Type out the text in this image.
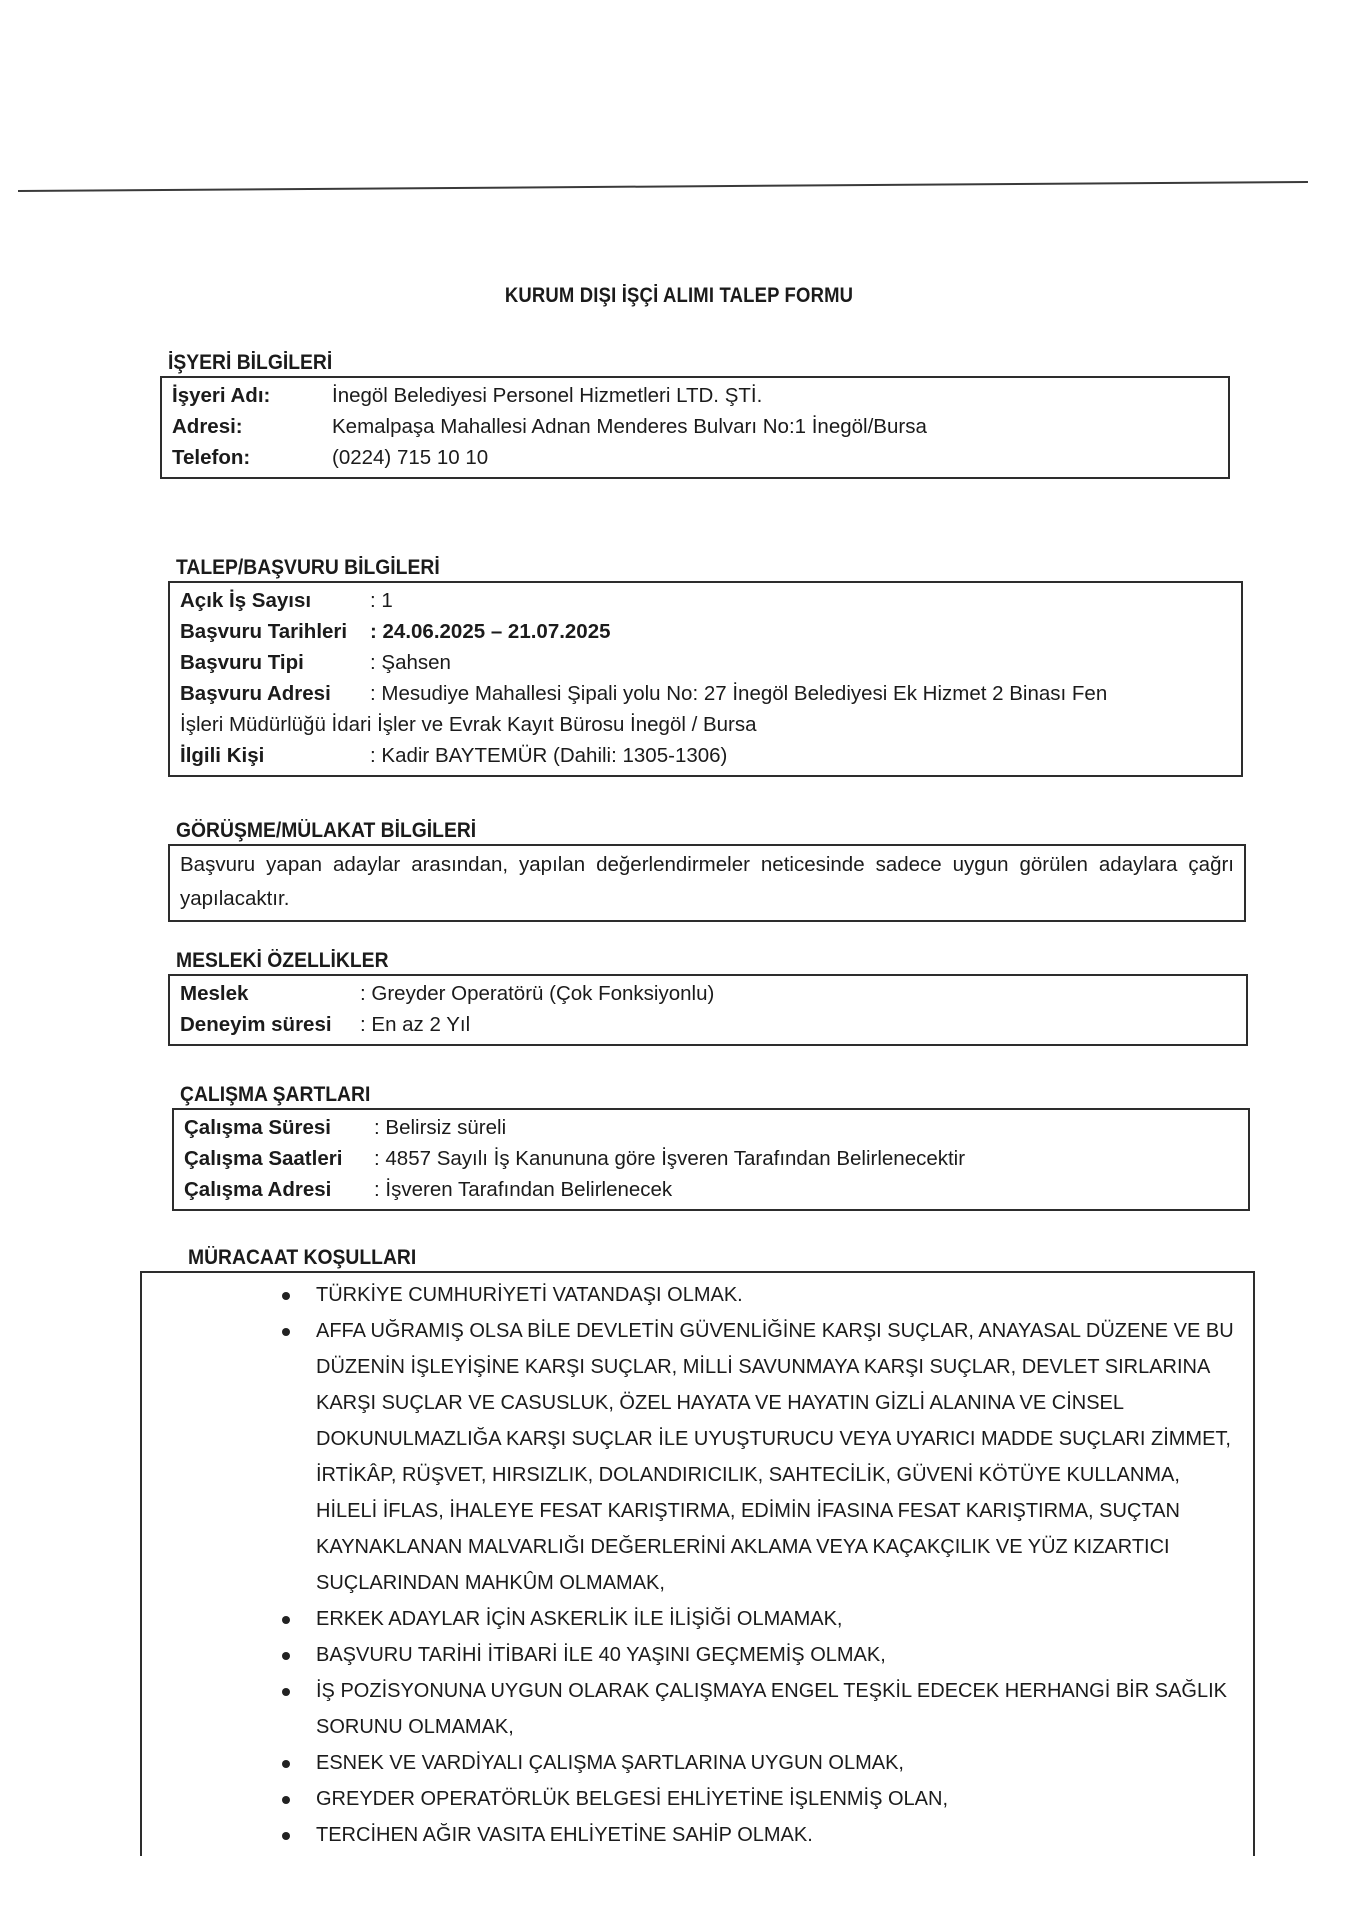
KURUM DIŞI İŞÇİ ALIMI TALEP FORMU
İŞYERİ BİLGİLERİ
İşyeri Adı:	İnegöl Belediyesi Personel Hizmetleri LTD. ŞTİ.
Adresi:	Kemalpaşa Mahallesi Adnan Menderes Bulvarı No:1 İnegöl/Bursa
Telefon:	(0224) 715 10 10
TALEP/BAŞVURU BİLGİLERİ
Açık İş Sayısı	: 1
Başvuru Tarihleri	: 24.06.2025 – 21.07.2025
Başvuru Tipi	: Şahsen
Başvuru Adresi	: Mesudiye Mahallesi Şipali yolu No: 27 İnegöl Belediyesi Ek Hizmet 2 Binası Fen
İşleri Müdürlüğü İdari İşler ve Evrak Kayıt Bürosu İnegöl / Bursa
İlgili Kişi	: Kadir BAYTEMÜR (Dahili: 1305-1306)
GÖRÜŞME/MÜLAKAT BİLGİLERİ
Başvuru yapan adaylar arasından, yapılan değerlendirmeler neticesinde sadece uygun görülen adaylara çağrı yapılacaktır.
MESLEKİ ÖZELLİKLER
Meslek	: Greyder Operatörü (Çok Fonksiyonlu)
Deneyim süresi	: En az 2 Yıl
ÇALIŞMA ŞARTLARI
Çalışma Süresi	: Belirsiz süreli
Çalışma Saatleri	: 4857 Sayılı İş Kanununa göre İşveren Tarafından Belirlenecektir
Çalışma Adresi	: İşveren Tarafından Belirlenecek
MÜRACAAT KOŞULLARI
TÜRKİYE CUMHURİYETİ VATANDAŞI OLMAK.
AFFA UĞRAMIŞ OLSA BİLE DEVLETİN GÜVENLİĞİNE KARŞI SUÇLAR, ANAYASAL DÜZENE VE BU DÜZENİN İŞLEYİŞİNE KARŞI SUÇLAR, MİLLİ SAVUNMAYA KARŞI SUÇLAR, DEVLET SIRLARINA KARŞI SUÇLAR VE CASUSLUK, ÖZEL HAYATA VE HAYATIN GİZLİ ALANINA VE CİNSEL DOKUNULMAZLIĞA KARŞI SUÇLAR İLE UYUŞTURUCU VEYA UYARICI MADDE SUÇLARI ZİMMET, İRTİKÂP, RÜŞVET, HIRSIZLIK, DOLANDIRICILIK, SAHTECİLİK, GÜVENİ KÖTÜYE KULLANMA, HİLELİ İFLAS, İHALEYE FESAT KARIŞTIRMA, EDİMİN İFASINA FESAT KARIŞTIRMA, SUÇTAN KAYNAKLANAN MALVARLIĞI DEĞERLERİNİ AKLAMA VEYA KAÇAKÇILIK VE YÜZ KIZARTICI SUÇLARINDAN MAHKÛM OLMAMAK,
ERKEK ADAYLAR İÇİN ASKERLİK İLE İLİŞİĞİ OLMAMAK,
BAŞVURU TARİHİ İTİBARİ İLE 40 YAŞINI GEÇMEMİŞ OLMAK,
İŞ POZİSYONUNA UYGUN OLARAK ÇALIŞMAYA ENGEL TEŞKİL EDECEK HERHANGİ BİR SAĞLIK SORUNU OLMAMAK,
ESNEK VE VARDİYALI ÇALIŞMA ŞARTLARINA UYGUN OLMAK,
GREYDER OPERATÖRLÜK BELGESİ EHLİYETİNE İŞLENMİŞ OLAN,
TERCİHEN AĞIR VASITA EHLİYETİNE SAHİP OLMAK.
